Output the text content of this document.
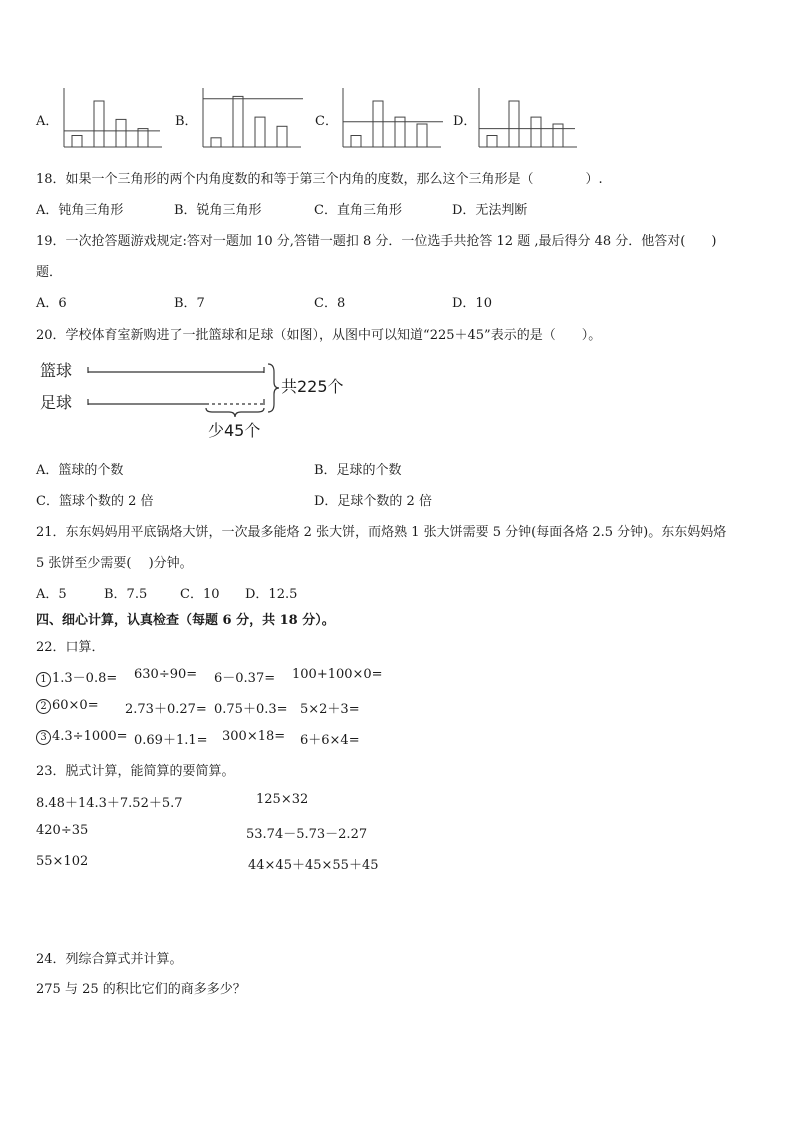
A．	B．	C．	D．
18．如果一个三角形的两个内角度数的和等于第三个内角的度数，那么这个三角形是（　　　　）.
A．钝角三角形	B．锐角三角形	C．直角三角形	D．无法判断
19．一次抢答题游戏规定:答对一题加 10 分,答错一题扣 8 分．一位选手共抢答 12 题 ,最后得分 48 分．他答对(　　)
题．
A．6	B．7	C．8	D．10
20．学校体育室新购进了一批篮球和足球（如图），从图中可以知道“225＋45”表示的是（　　）。
篮球
足球
共225个
少45个
A．篮球的个数	B．足球的个数
C．篮球个数的 2 倍	D．足球个数的 2 倍
21．东东妈妈用平底锅烙大饼，一次最多能烙 2 张大饼，而烙熟 1 张大饼需要 5 分钟(每面各烙 2.5 分钟)。东东妈妈烙
5 张饼至少需要(　 )分钟。
A．5	B．7.5	C．10 D．12.5
四、细心计算，认真检查（每题 6 分，共 18 分）。
22．口算．
1 1.3－0.8= 630÷90= 6－0.37= 100+100×0=
2 60×0= 2.73＋0.27= 0.75＋0.3= 5×2＋3=
3 4.3÷1000= 0.69＋1.1= 300×18= 6＋6×4=
23．脱式计算，能简算的要简算。
8.48＋14.3＋7.52＋5.7	125×32
420÷35	53.74－5.73－2.27
55×102	44×45＋45×55＋45
24．列综合算式并计算。
275 与 25 的积比它们的商多多少？
